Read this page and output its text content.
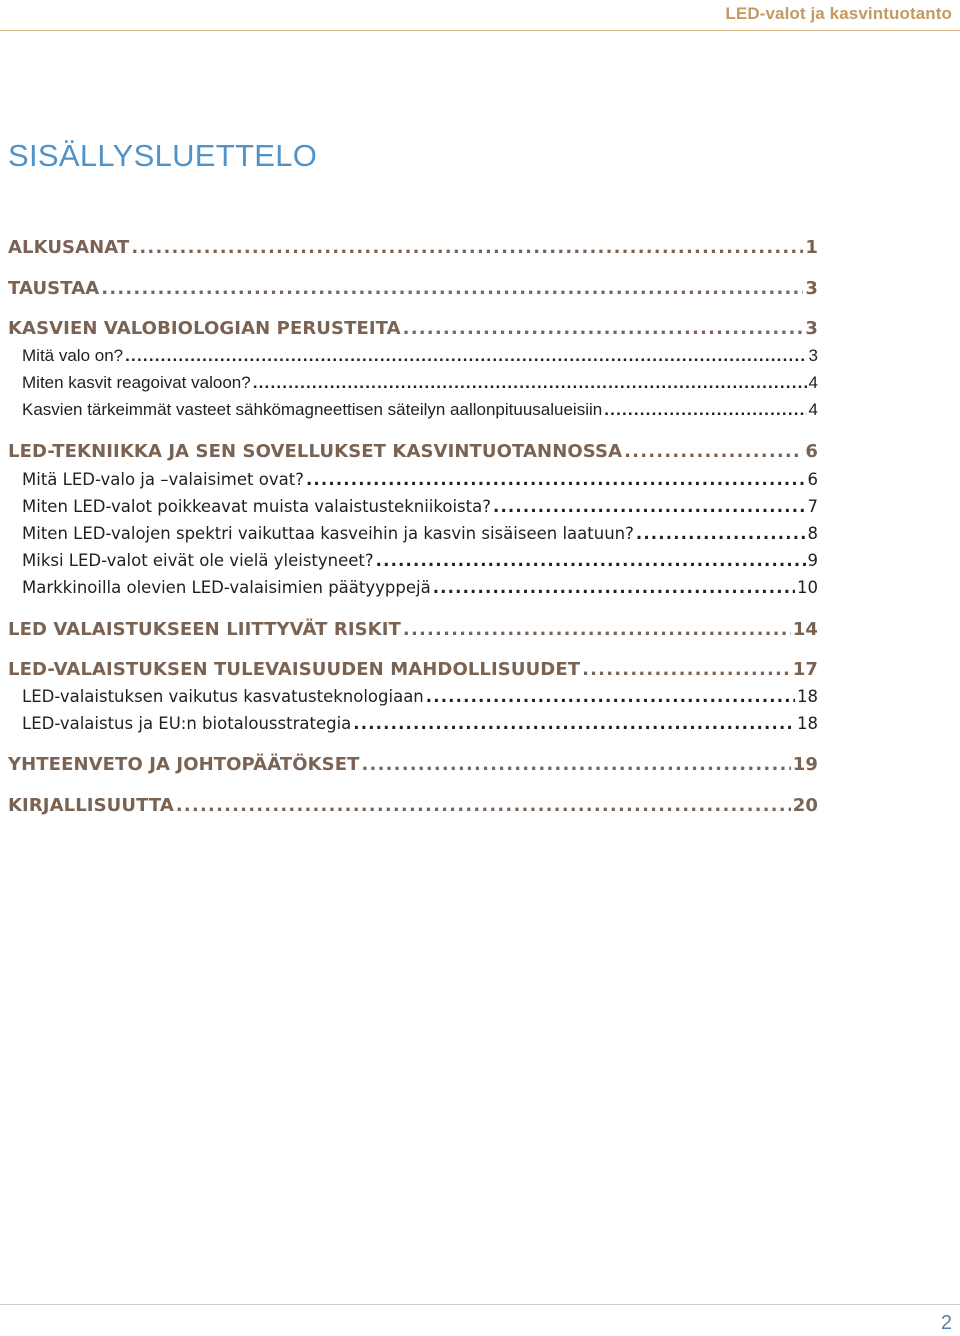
LED-valot ja kasvintuotanto
SISÄLLYSLUETTELO
ALKUSANAT .....	1
TAUSTAA .....	3
KASVIEN VALOBIOLOGIAN PERUSTEITA .....	3
Mitä valo on? .....	3
Miten kasvit reagoivat valoon? .....	4
Kasvien tärkeimmät vasteet sähkömagneettisen säteilyn aallonpituusalueisiin .....	4
LED-TEKNIIKKA JA SEN SOVELLUKSET KASVINTUOTANNOSSA .....	6
Mitä LED-valo ja –valaisimet ovat? .....	6
Miten LED-valot poikkeavat muista valaistustekniikoista? .....	7
Miten LED-valojen spektri vaikuttaa kasveihin ja kasvin sisäiseen laatuun? .....	8
Miksi LED-valot eivät ole vielä yleistyneet? .....	9
Markkinoilla olevien LED-valaisimien päätyyppejä .....	10
LED VALAISTUKSEEN LIITTYVÄT RISKIT .....	14
LED-VALAISTUKSEN TULEVAISUUDEN MAHDOLLISUUDET .....	17
LED-valaistuksen vaikutus kasvatusteknologiaan .....	18
LED-valaistus ja EU:n biotalousstrategia .....	18
YHTEENVETO JA JOHTOPÄÄTÖKSET .....	19
KIRJALLISUUTTA .....	20
2
